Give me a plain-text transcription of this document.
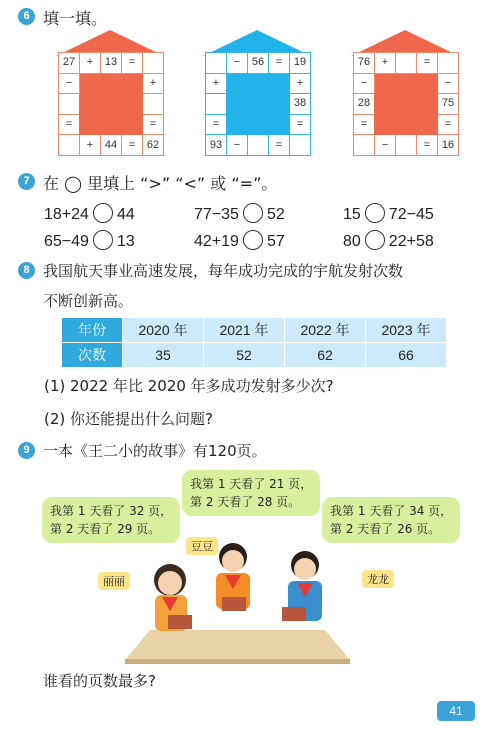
6 填一填。
27	+	13	=	
−				+

=				=
	+	44	=	62
	−	56	=	19
+				+
				38
=				=
93	−		=	
76	+		=	
−				−
28				75
=				=
	−		=	16
7 在 ◯ 里填上 “>” “<” 或 “=”。
18+24 44	77−35 52	15 72−45
65−49 13	42+19 57	80 22+58
8 我国航天事业高速发展，每年成功完成的宇航发射次数
不断创新高。
年份	2020 年	2021 年	2022 年	2023 年
次数	35	52	62	66
(1) 2022 年比 2020 年多成功发射多少次?
(2) 你还能提出什么问题?
9 一本《王二小的故事》有120页。
我第 1 天看了 32 页，
第 2 天看了 29 页。
我第 1 天看了 21 页，
第 2 天看了 28 页。
我第 1 天看了 34 页，
第 2 天看了 26 页。
丽丽
豆豆
龙龙
谁看的页数最多?
41
